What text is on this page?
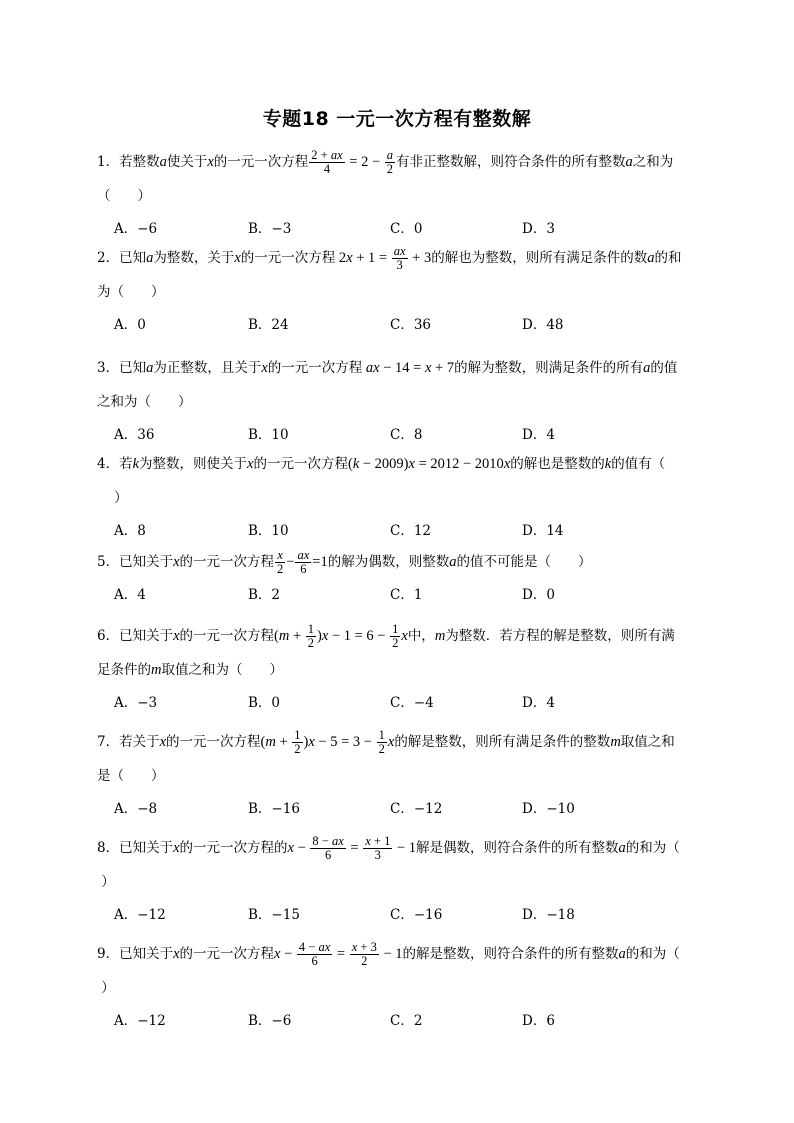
专题18 一元一次方程有整数解
1．若整数a使关于x的一元一次方程 $\frac{2 + ax}{4} = 2 - \frac{a}{2}$ 有非正整数解，则符合条件的所有整数a之和为
（　　）
A．−6	B．−3	C．0	D．3
2．已知a为整数，关于x的一元一次方程 $2x + 1 = \frac{ax}{3} + 3$的解也为整数，则所有满足条件的数a的和
为（　　）
A．0	B．24	C．36	D．48
3．已知a为正整数，且关于x的一元一次方程 ax − 14 = x + 7的解为整数，则满足条件的所有a的值
之和为（　　）
A．36	B．10	C．8	D．4
4．若k为整数，则使关于x的一元一次方程(k − 2009)x = 2012 − 2010x的解也是整数的k的值有（
）
A．8	B．10	C．12	D．14
5．已知关于x的一元一次方程 $\frac{x}{2} - \frac{ax}{6} =1$的解为偶数，则整数a的值不可能是（　　）
A．4	B．2	C．1	D．0
6．已知关于x的一元一次方程$(m + \frac{1}{2} )x - 1 = 6 - \frac{1}{2}$ x中，m为整数．若方程的解是整数，则所有满
足条件的m取值之和为（　　）
A．−3	B．0	C．−4	D．4
7．若关于x的一元一次方程$(m + \frac{1}{2} )x - 5 = 3 - \frac{1}{2}$ x的解是整数，则所有满足条件的整数m取值之和
是（　　）
A．−8	B．−16	C．−12	D．−10
8．已知关于x的一元一次方程的$x - \frac{8 - ax}{6} = \frac{x + 1}{3} - 1$解是偶数，则符合条件的所有整数a的和为（
）
A．−12	B．−15	C．−16	D．−18
9．已知关于x的一元一次方程$x - \frac{4 - ax}{6} = \frac{x + 3}{2} - 1$的解是整数，则符合条件的所有整数a的和为（
）
A．−12	B．−6	C．2	D．6
